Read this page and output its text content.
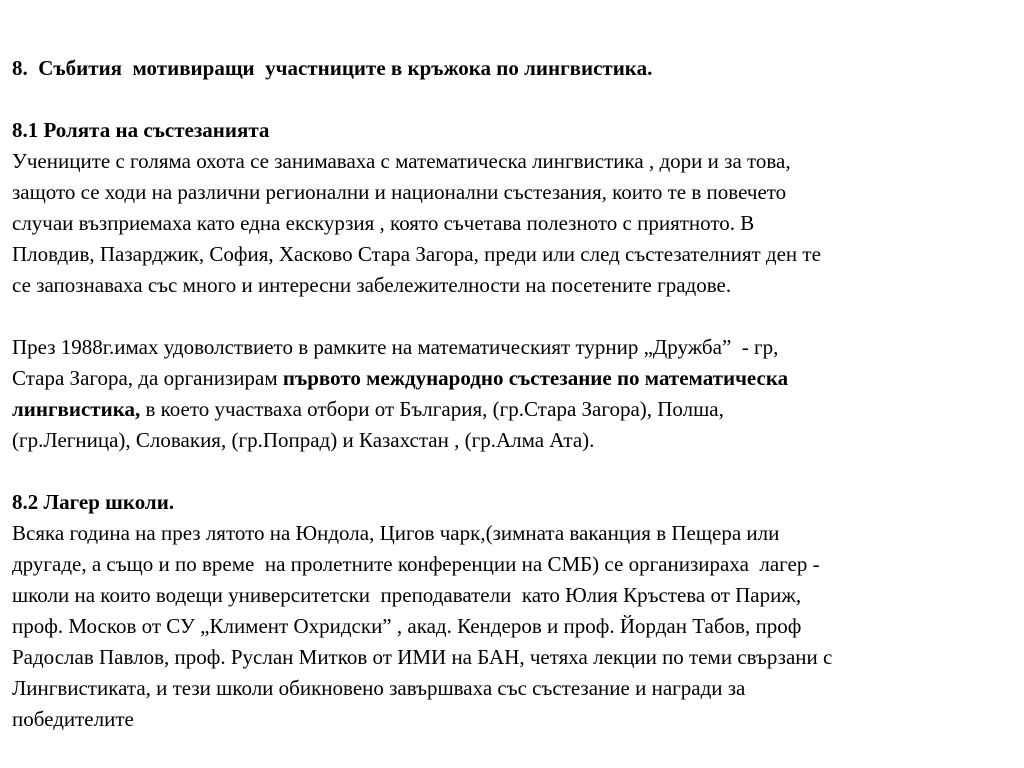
8.  Събития  мотивиращи  участниците в кръжока по лингвистика.
8.1 Ролята на състезанията
Учениците с голяма охота се занимаваха с математическа лингвистика , дори и за това,
защото се ходи на различни регионални и национални състезания, които те в повечето
случаи възприемаха като една екскурзия , която съчетава полезното с приятното. В
Пловдив, Пазарджик, София, Хасково Стара Загора, преди или след състезателният ден те
се запознаваха със много и интересни забележителности на посетените градове.
През 1988г.имах удоволствието в рамките на математическият турнир „Дружба”  - гр,
Стара Загора, да организирам първото международно състезание по математическа
лингвистика, в което участваха отбори от България, (гр.Стара Загора), Полша,
(гр.Легница), Словакия, (гр.Попрад) и Казахстан , (гр.Алма Ата).
8.2 Лагер школи.
Всяка година на през лятото на Юндола, Цигов чарк,(зимната ваканция в Пещера или
другаде, а също и по време  на пролетните конференции на СМБ) се организираха  лагер -
школи на които водещи университетски  преподаватели  като Юлия Кръстева от Париж,
проф. Москов от СУ „Климент Охридски” , акад. Кендеров и проф. Йордан Табов, проф
Радослав Павлов, проф. Руслан Митков от ИМИ на БАН, четяха лекции по теми свързани с
Лингвистиката, и тези школи обикновено завършваха със състезание и награди за
победителите
